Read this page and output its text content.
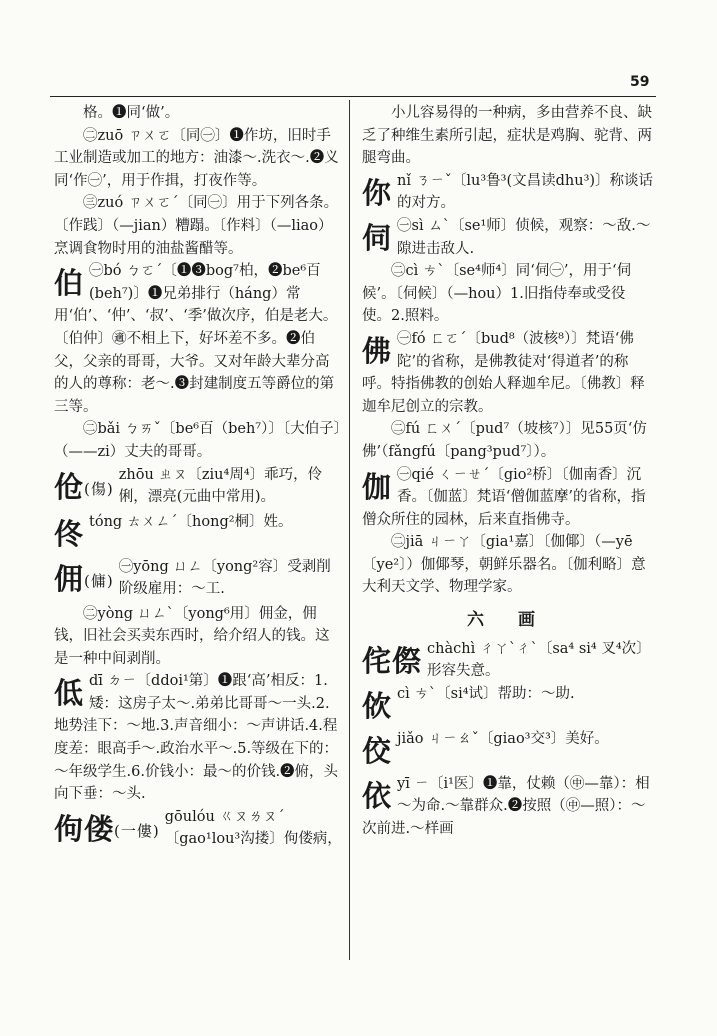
59

格。❶同‘做’。

㊁zuō ㄗㄨㄛ〔同㊀〕❶作坊，旧时手工业制造或加工的地方：油漆～.洗衣～.❷义同‘作㊀’，用于作揖，打夜作等。

㊂zuó ㄗㄨㄛˊ〔同㊀〕用于下列各条。〔作践〕（—jian）糟蹋。〔作料〕（—liao）烹调食物时用的油盐酱醋等。

伯 ㊀bó ㄅㄛˊ〔❶❸bog⁷柏，❷be⁶百(beh⁷)〕❶兄弟排行（háng）常用‘伯’、‘仲’、‘叔’、‘季’做次序，伯是老大。〔伯仲〕㊜不相上下，好坏差不多。❷伯父，父亲的哥哥，大爷。又对年龄大辈分高的人的尊称：老～.❸封建制度五等爵位的第三等。

㊁bǎi ㄅㄞˇ〔be⁶百（beh⁷）〕〔大伯子〕（——zi）丈夫的哥哥。

伧(傷)
zhōu ㄓㄡ〔ziu⁴周⁴〕乖巧，伶俐，漂亮(元曲中常用)。

佟tóng ㄊㄨㄥˊ〔hong²桐〕姓。

佣(傭)
㊀yōng ㄩㄥ〔yong²容〕受剥削阶级雇用：～工.

㊁yòng ㄩㄥˋ〔yong⁶用〕佣金，佣钱，旧社会买卖东西时，给介绍人的钱。这是一种中间剥削。

低dī ㄉㄧ〔ddoi¹第〕❶跟‘高’相反：1.矮：这房子太～.弟弟比哥哥～一头.2.地势洼下：～地.3.声音细小：～声讲话.4.程度差：眼高手～.政治水平～.5.等级在下的：～年级学生.6.价钱小：最～的价钱.❷俯，头向下垂：～头.

佝偻(一僂)
gōulóu ㄍㄡㄌㄡˊ〔gao¹lou³沟搂〕佝偻病，

小儿容易得的一种病，多由营养不良、缺乏了种维生素所引起，症状是鸡胸、驼背、两腿弯曲。

你nǐ ㄋㄧˇ〔lu³鲁³(文昌读dhu³)〕称谈话的对方。

伺 ㊀sì ㄙˋ〔se¹师〕侦候，观察：～敌.～隙进击敌人.

㊁cì ㄘˋ〔se⁴师⁴〕同‘伺㊀’，用于‘伺候’。〔伺候〕（—hou）1.旧指侍奉或受役使。2.照料。

佛 ㊀fó ㄈㄛˊ〔bud⁸（波核⁸）〕梵语‘佛陀’的省称，是佛教徒对‘得道者’的称呼。特指佛教的创始人释迦牟尼。〔佛教〕释迦牟尼创立的宗教。

㊁fú ㄈㄨˊ〔pud⁷（坡核⁷）〕见55页‘仿佛’（fǎngfú〔pang³pud⁷〕）。

伽 ㊀qié ㄑㄧㄝˊ〔gio²桥〕〔伽南香〕沉香。〔伽蓝〕梵语‘僧伽蓝摩’的省称，指僧众所住的园林，后来直指佛寺。

㊁jiā ㄐㄧㄚ〔gia¹嘉〕〔伽倻〕（—yē〔ye²〕）伽倻琴，朝鲜乐器名。〔伽利略〕意大利天文学、物理学家。

六 画

侘傺 chàchì ㄔㄚˋㄔˋ〔sa⁴ si⁴ 叉⁴次〕形容失意。

佽cì ㄘˋ〔si⁴试〕帮助：～助.

佼jiǎo ㄐㄧㄠˇ〔giao³交³〕美好。

依yī ㄧ〔i¹医〕❶靠，仗赖（㊥—靠）：相～为命.～靠群众.❷按照（㊥—照）：～次前进.～样画
